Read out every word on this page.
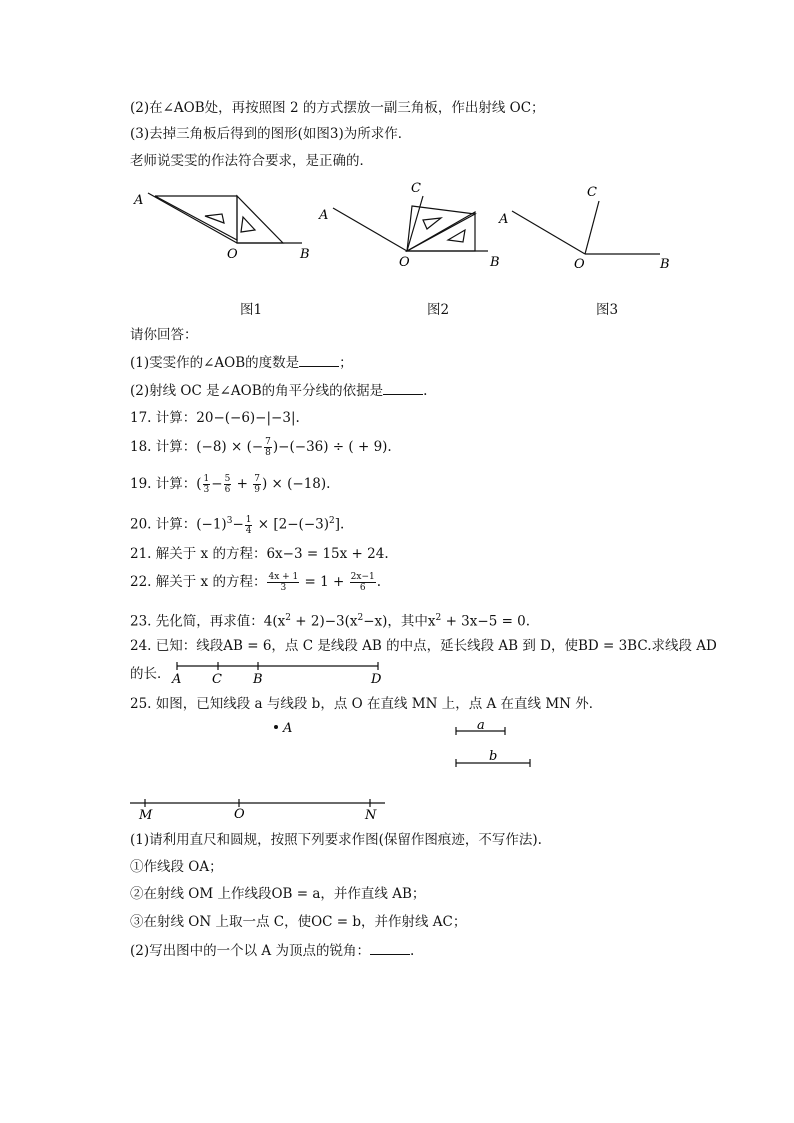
(2)在∠AOB处，再按照图 2 的方式摆放一副三角板，作出射线 OC；
(3)去掉三角板后得到的图形(如图3)为所求作．
老师说雯雯的作法符合要求，是正确的．
A
O	B
A
C
O	B
A
C
O	B
图1	图2	图3
请你回答：
(1)雯雯作的∠AOB的度数是	；
(2)射线 OC 是∠AOB的角平分线的依据是	.
17. 计算：20−(−6)−|−3|.
18. 计算：(−8) × (− $\frac{7}{8} )-(-36)$ ÷ ( + 9).
19. 计算：( $\frac{1}{3} - \frac{5}{6} + \frac{7}{9}$ ) × (−18).
20. 计算：$(-1)^3- \frac{1}{4} \times [2-(-3)^2]$.
21. 解关于 x 的方程：6x−3 = 15x + 24.
22. 解关于 x 的方程： $\frac{4x + 1}{3} = 1 + \frac{2x-1}{6}$ .
23. 先化简，再求值：$4(x^2 + 2)-3(x^2-x)$，其中$x^2 + 3x-5 = 0$.
24. 已知：线段AB = 6，点 C 是线段 AB 的中点，延长线段 AB 到 D，使BD = 3BC.求线段 AD
的长． A C B	D
25. 如图，已知线段 a 与线段 b，点 O 在直线 MN 上，点 A 在直线 MN 外．
A	a
b
M	O	N
(1)请利用直尺和圆规，按照下列要求作图(保留作图痕迹，不写作法).
①作线段 OA；
②在射线 OM 上作线段OB = a，并作直线 AB；
③在射线 ON 上取一点 C，使OC = b，并作射线 AC；
(2)写出图中的一个以 A 为顶点的锐角：	.
